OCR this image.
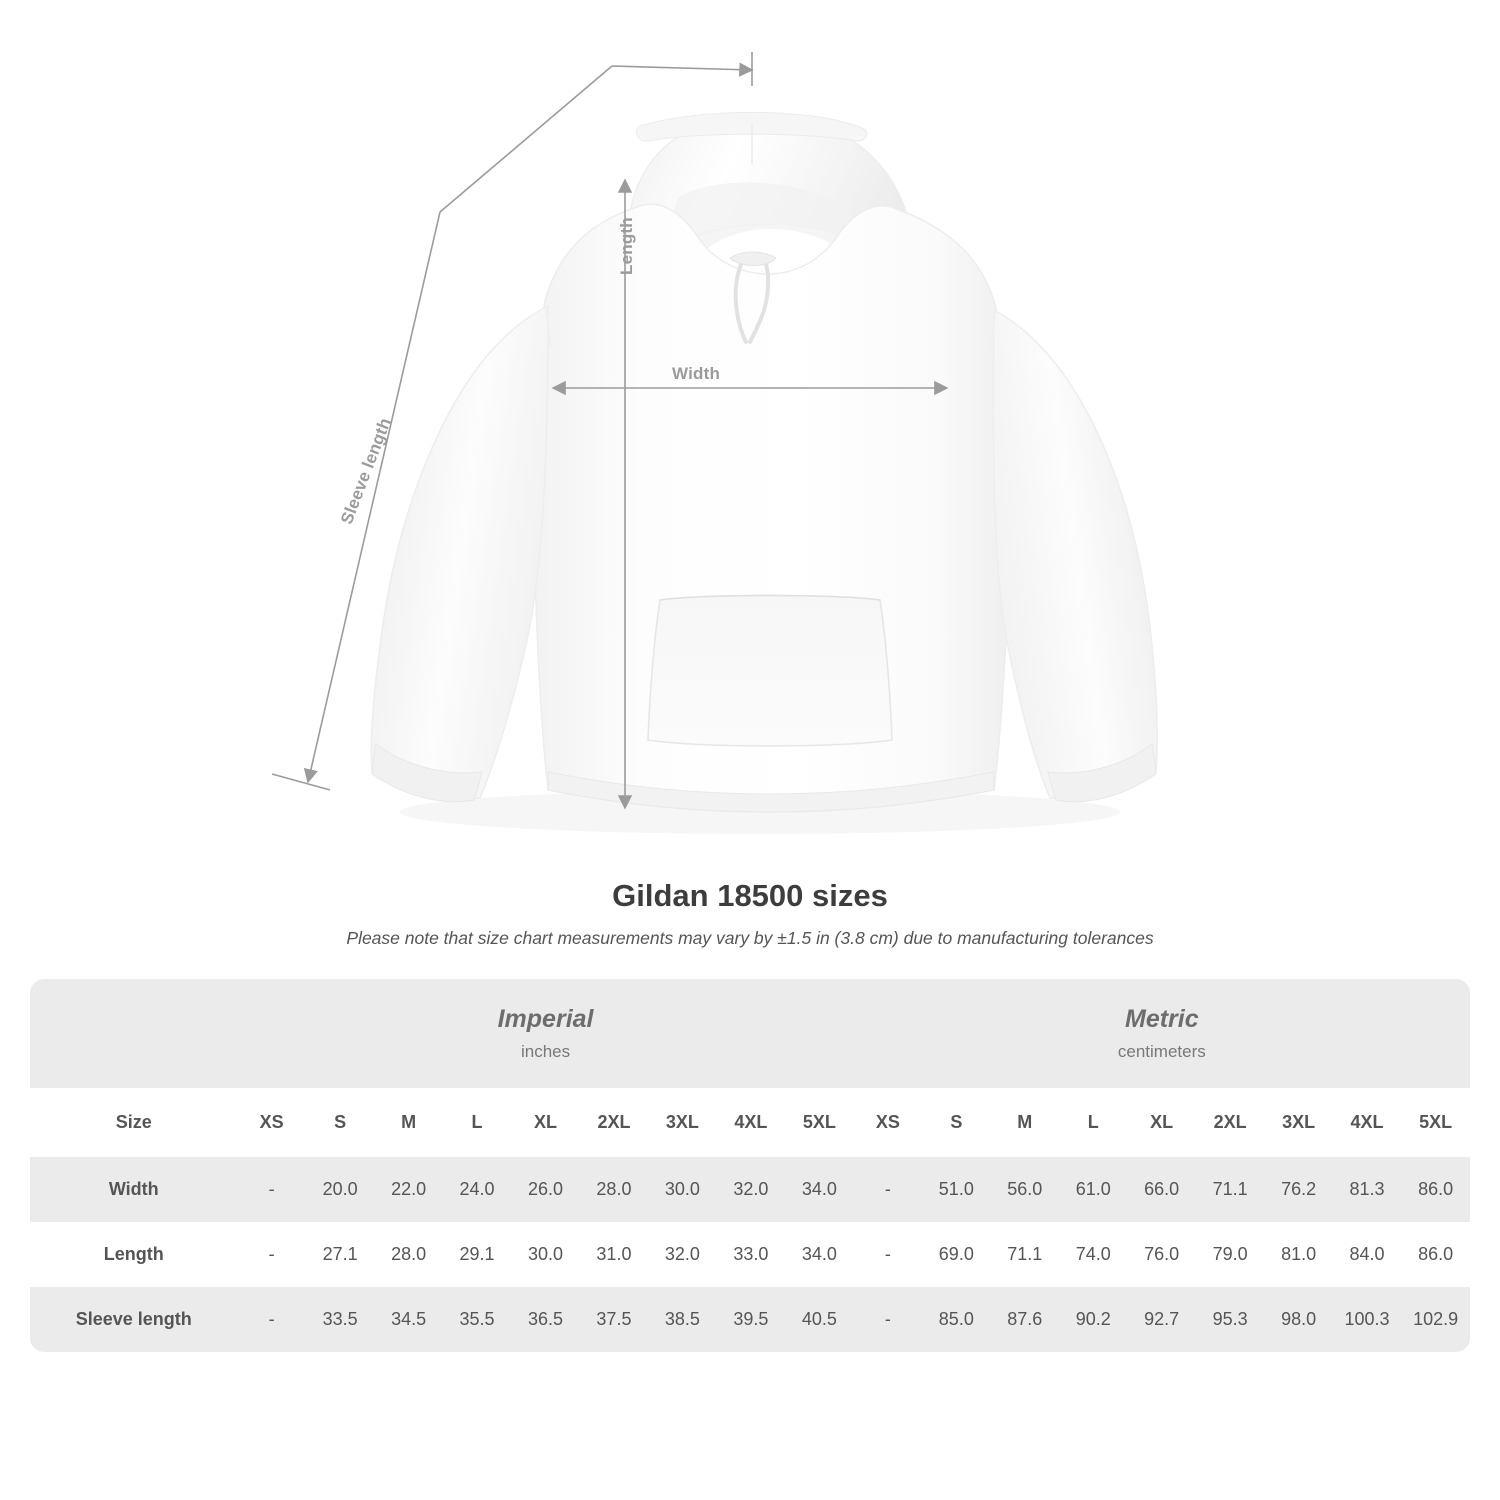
Width
Length
Sleeve length
Gildan 18500 sizes

Please note that size chart measurements may vary by ±1.5 in (3.8 cm) due to manufacturing tolerances

	Imperial
inches									Metric
centimeters								

Size	XS	S	M	L	XL	2XL	3XL	4XL	5XL	XS	S	M	L	XL	2XL	3XL	4XL	5XL
Width	-	20.0	22.0	24.0	26.0	28.0	30.0	32.0	34.0	-	51.0	56.0	61.0	66.0	71.1	76.2	81.3	86.0
Length	-	27.1	28.0	29.1	30.0	31.0	32.0	33.0	34.0	-	69.0	71.1	74.0	76.0	79.0	81.0	84.0	86.0
Sleeve length	-	33.5	34.5	35.5	36.5	37.5	38.5	39.5	40.5	-	85.0	87.6	90.2	92.7	95.3	98.0	100.3	102.9
